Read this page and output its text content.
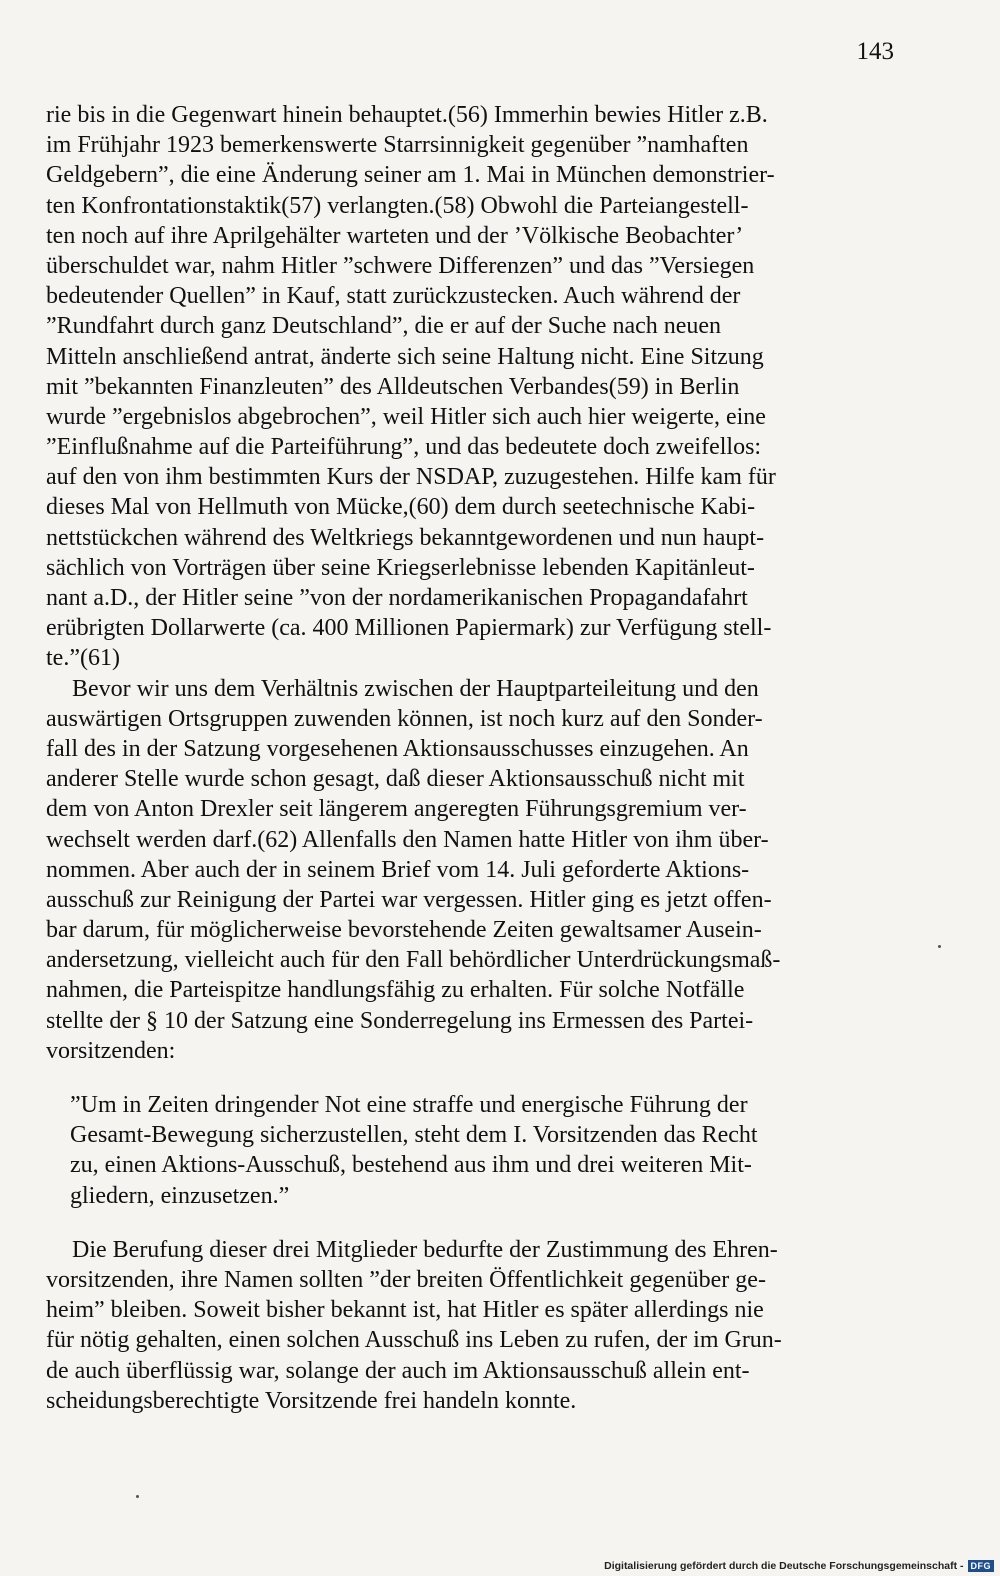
143
rie bis in die Gegenwart hinein behauptet.(56) Immerhin bewies Hitler z.B.
im Frühjahr 1923 bemerkenswerte Starrsinnigkeit gegenüber ”namhaften
Geldgebern”, die eine Änderung seiner am 1. Mai in München demonstrier-
ten Konfrontationstaktik(57) verlangten.(58) Obwohl die Parteiangestell-
ten noch auf ihre Aprilgehälter warteten und der ’Völkische Beobachter’
überschuldet war, nahm Hitler ”schwere Differenzen” und das ”Versiegen
bedeutender Quellen” in Kauf, statt zurückzustecken. Auch während der
”Rundfahrt durch ganz Deutschland”, die er auf der Suche nach neuen
Mitteln anschließend antrat, änderte sich seine Haltung nicht. Eine Sitzung
mit ”bekannten Finanzleuten” des Alldeutschen Verbandes(59) in Berlin
wurde ”ergebnislos abgebrochen”, weil Hitler sich auch hier weigerte, eine
”Einflußnahme auf die Parteiführung”, und das bedeutete doch zweifellos:
auf den von ihm bestimmten Kurs der NSDAP, zuzugestehen. Hilfe kam für
dieses Mal von Hellmuth von Mücke,(60) dem durch seetechnische Kabi-
nettstückchen während des Weltkriegs bekanntgewordenen und nun haupt-
sächlich von Vorträgen über seine Kriegserlebnisse lebenden Kapitänleut-
nant a.D., der Hitler seine ”von der nordamerikanischen Propagandafahrt
erübrigten Dollarwerte (ca. 400 Millionen Papiermark) zur Verfügung stell-
te.”(61)
Bevor wir uns dem Verhältnis zwischen der Hauptparteileitung und den
auswärtigen Ortsgruppen zuwenden können, ist noch kurz auf den Sonder-
fall des in der Satzung vorgesehenen Aktionsausschusses einzugehen. An
anderer Stelle wurde schon gesagt, daß dieser Aktionsausschuß nicht mit
dem von Anton Drexler seit längerem angeregten Führungsgremium ver-
wechselt werden darf.(62) Allenfalls den Namen hatte Hitler von ihm über-
nommen. Aber auch der in seinem Brief vom 14. Juli geforderte Aktions-
ausschuß zur Reinigung der Partei war vergessen. Hitler ging es jetzt offen-
bar darum, für möglicherweise bevorstehende Zeiten gewaltsamer Ausein-
andersetzung, vielleicht auch für den Fall behördlicher Unterdrückungsmaß-
nahmen, die Parteispitze handlungsfähig zu erhalten. Für solche Notfälle
stellte der § 10 der Satzung eine Sonderregelung ins Ermessen des Partei-
vorsitzenden:
”Um in Zeiten dringender Not eine straffe und energische Führung der
Gesamt-Bewegung sicherzustellen, steht dem I. Vorsitzenden das Recht
zu, einen Aktions-Ausschuß, bestehend aus ihm und drei weiteren Mit-
gliedern, einzusetzen.”
Die Berufung dieser drei Mitglieder bedurfte der Zustimmung des Ehren-
vorsitzenden, ihre Namen sollten ”der breiten Öffentlichkeit gegenüber ge-
heim” bleiben. Soweit bisher bekannt ist, hat Hitler es später allerdings nie
für nötig gehalten, einen solchen Ausschuß ins Leben zu rufen, der im Grun-
de auch überflüssig war, solange der auch im Aktionsausschuß allein ent-
scheidungsberechtigte Vorsitzende frei handeln konnte.
Digitalisierung gefördert durch die Deutsche Forschungsgemeinschaft - DFG
